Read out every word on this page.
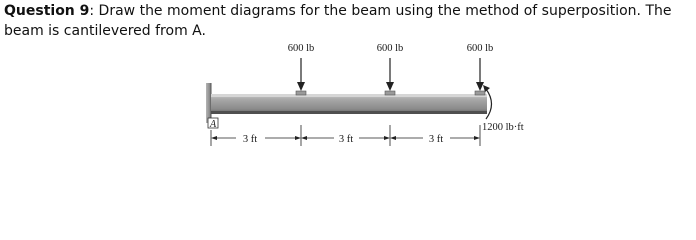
Question 9: Draw the moment diagrams for the beam using the method of superposition. The beam is cantilevered from A.
600 lb	600 lb	600 lb
1200 lb·ft
A
3 ft	3 ft	3 ft
